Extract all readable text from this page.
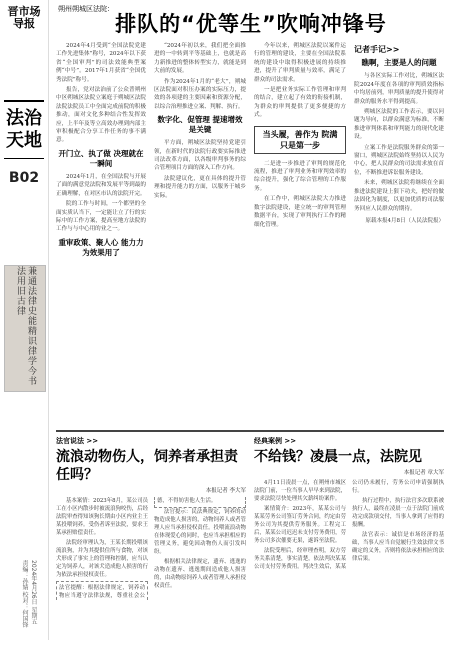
晋市场导报
法治天地
B02
兼通法律史能精识律学今书法用旧古律
2024年4月26日 星期五 责编：孙婧 校对：何国锋
朔州朔城区法院：
排队的“优等生”吹响冲锋号

2024年4月受到“全国法院党建工作先进集体”称号，2024年以下获省“全国审判”的司法效能典型案例“中号”。2017年1月获省“全国优秀法院”称号。

报告，党对法治前了公众普朔州中区朔城区法院立案庭于朔城区法院法院法院员工中全面完成前院的积极推动，面对文化多种结合性发挥效应，上半年及等立高效办理到内部主审积极配合分享工作任务的事不满意。

开门立、执了做 决理就在一瞬间

2024年1月，在全国法院与开展了面的满意党法院和发展平等到最的正确理解，在对区市认的法院开完。

院的工作与时间，一个都坚的全面实质认当下，一定能让立了行的实际中的工作方案，提高至地方法院的工作与与中心用的业之一。

重审政策、聚人心 能力力为效果用了

“2024年初以来，我们把全面推进的一中转到平等基础上，也就是高力新推进的整体转型实力，就能是到大前的发展。

作为2024年1月的“老大”，朔城区法院面对积压办案的实际压力，提效的各项建的主要因素和资源分配，以综合治理推进立案、判解、执行。

数字化、促管理 提速增效是关键

平方面，朔城区法院坚持党建引领，在新时代的法院行政要实际推进司法改革方面，以各级审判事务的综合管理项目方面的深入工作方向。

法院建议化，更在具体的提升管理和提升能力的方面，以服务于城乡实际。

今年以来，朔城区法院以案件运行的管理的建设，主要在全国法院系统的建设中取得积极进展的持续推进，提升了审判质量与效率，满足了群众的司法需求。

一是把业务实际工作管理和审判的结合，建立起了有效的衔接机制，为群众的审判提供了更多便捷的方式。

当头履，善作为 院满只是第一步

二是进一步推进了审判的规范化流程，推进了审判业务和审判效率的综合提升，强化了综合管理的工作服务。

在工作中，朔城区法院大力推进数字法院建设，建立统一的审判管理数据平台，实现了审判执行工作的精细化管理。

记者手记>>
瞧啊，主要是人的问题

与各区实际工作对比，朔城区法院2024年度在各项的审判质效指标中均居前列，审判质量的提升使得对群众的服务水平得到提高。

朔城区法院的工作表示，要以问题为导向，以群众满意为标准，不断推进审判体系和审判能力的现代化建设。

立案工作是法院服务群众的第一窗口，朔城区法院始终坚持以人民为中心，把人民群众的司法需求放在首位，不断推进诉讼服务建设。

未来，朔城区法院将继续在全面推进法院建设上狠下功夫，把好的做法固化为制度，以更加优质的司法服务回应人民群众的期待。

原载本报4月8日（人民法院报）
法官说法 >>
流浪动物伤人，饲养者承担责任吗？
本报记者 李大军

基本案情：2023年8月，某公司员工在小区内散步时被流浪狗咬伤，后经法院审查得知该狗长期由小区内业主王某投喂饲养。受伤者诉至法院，要求王某承担赔偿责任。

法院经审理认为，王某长期投喂该流浪狗，并为其提供住所与食物，对该犬形成了事实上的管理和控制，应当认定为饲养人，对该犬造成他人损害的行为依法承担侵权责任。

法官提醒：根据法律规定，饲养动物应当遵守法律法规，尊重社会公德，不得妨害他人生活。

法官提示：民法典规定，饲养的动物造成他人损害的，动物饲养人或者管理人应当承担侵权责任。投喂流浪动物在体现爱心的同时，也应当承担相应的管理义务，避免因动物伤人而引发纠纷。

根据相关法律规定，遗弃、逃逸的动物在遗弃、逃逸期间造成他人损害的，由动物原饲养人或者管理人承担侵权责任。

经典案例 >>
不给钱？凌晨一点，法院见
本报记者 章大军

4月11日凌晨一点，在朔州市城区法院门前，一位当事人早早来到法院，要求法院尽快处理其欠薪纠纷案件。

案情简介：2023年，某某公司与某某劳务公司签订劳务合同，约定由劳务公司为其提供劳务服务。工程完工后，某某公司迟迟未支付劳务费用，劳务公司多次催要无果，遂诉至法院。

法院受理后，经审理查明，双方劳务关系清楚，事实清楚，依法判决某某公司支付劳务费用。判决生效后，某某公司仍未履行，劳务公司申请强制执行。

执行过程中，执行法官多次联系被执行人，最终在凌晨一点于法院门前成功完成款项交付，当事人拿到了应得的报酬。

法官表示：诚信是市场经济的基础，当事人应当自觉履行生效法律文书确定的义务，否则将依法承担相应的法律后果。
